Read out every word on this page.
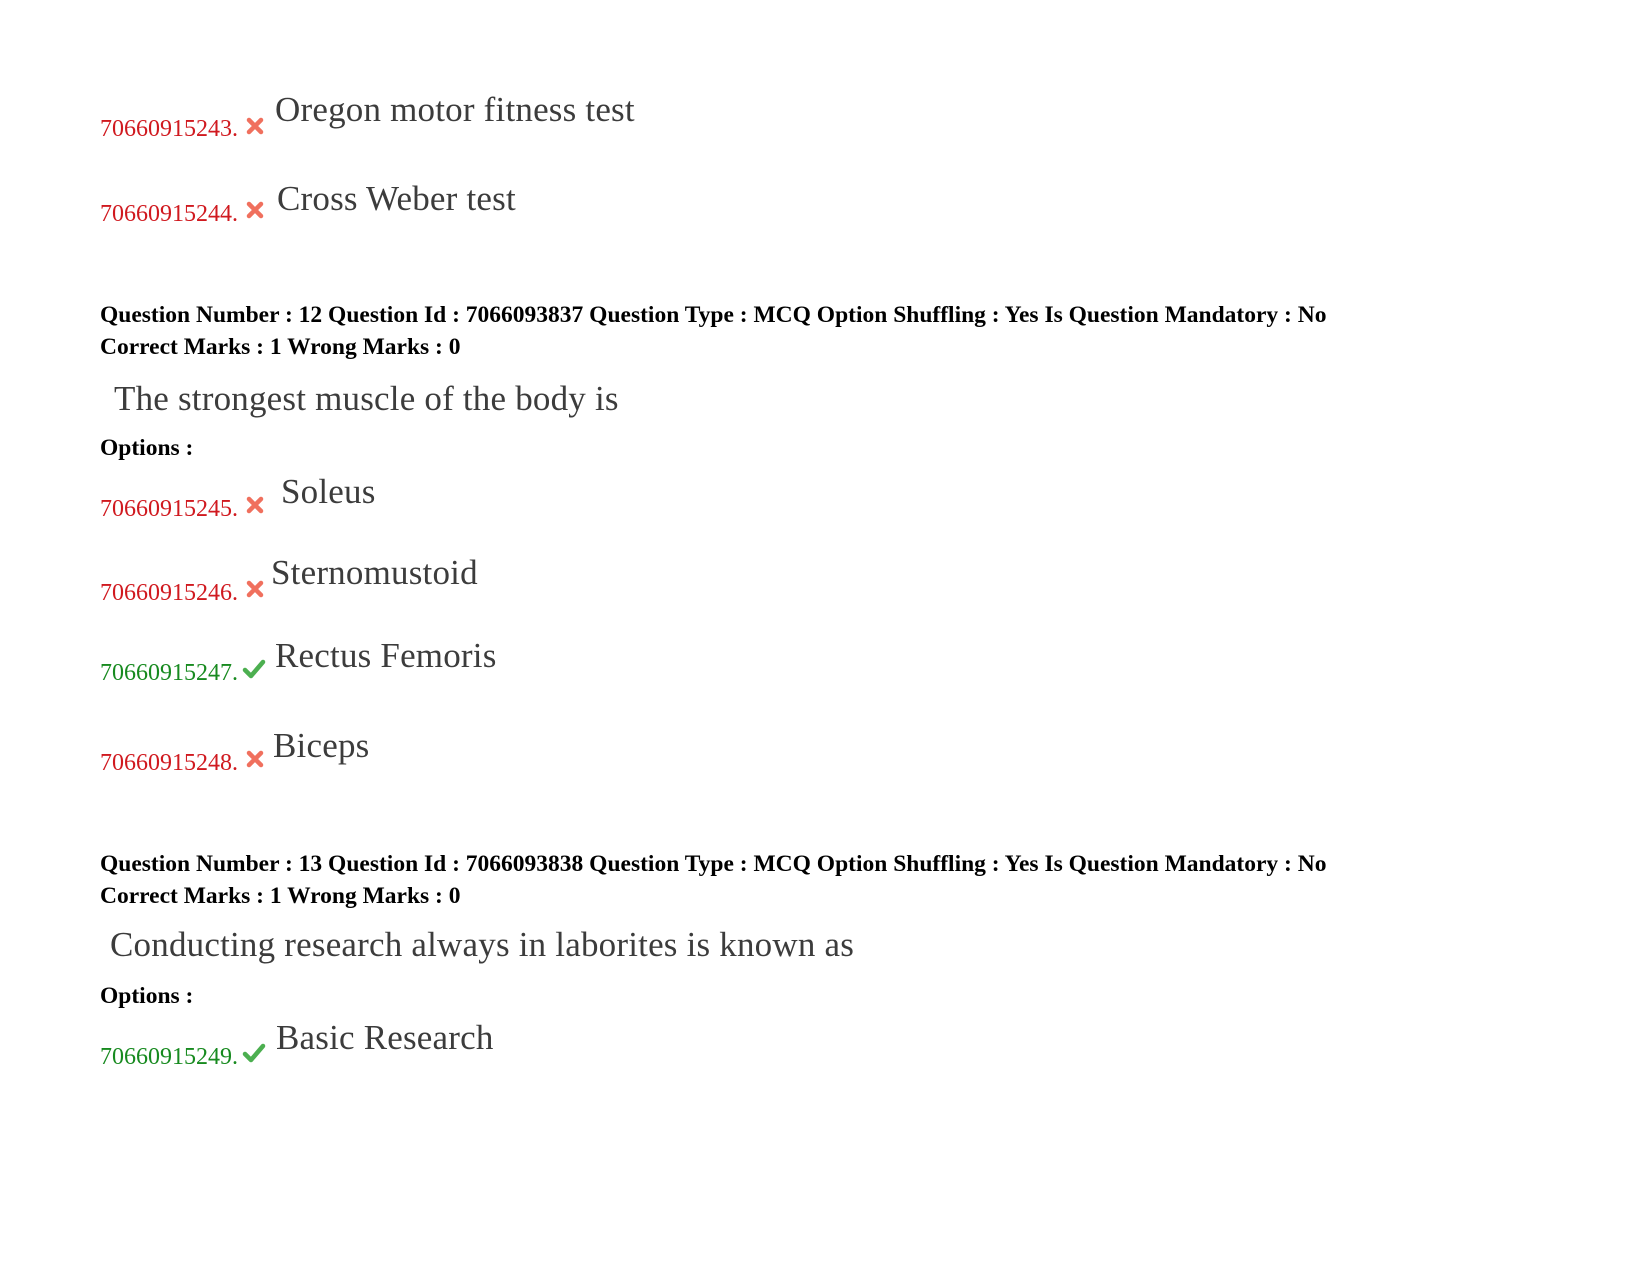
70660915243. Oregon motor fitness test
70660915244. Cross Weber test
Question Number : 12 Question Id : 7066093837 Question Type : MCQ Option Shuffling : Yes Is Question Mandatory : No
Correct Marks : 1 Wrong Marks : 0
The strongest muscle of the body is
Options :
70660915245. Soleus
70660915246.
Sternomustoid
70660915247. Rectus Femoris
70660915248. Biceps
Question Number : 13 Question Id : 7066093838 Question Type : MCQ Option Shuffling : Yes Is Question Mandatory : No
Correct Marks : 1 Wrong Marks : 0
Conducting research always in laborites is known as
Options :
70660915249. Basic Research
